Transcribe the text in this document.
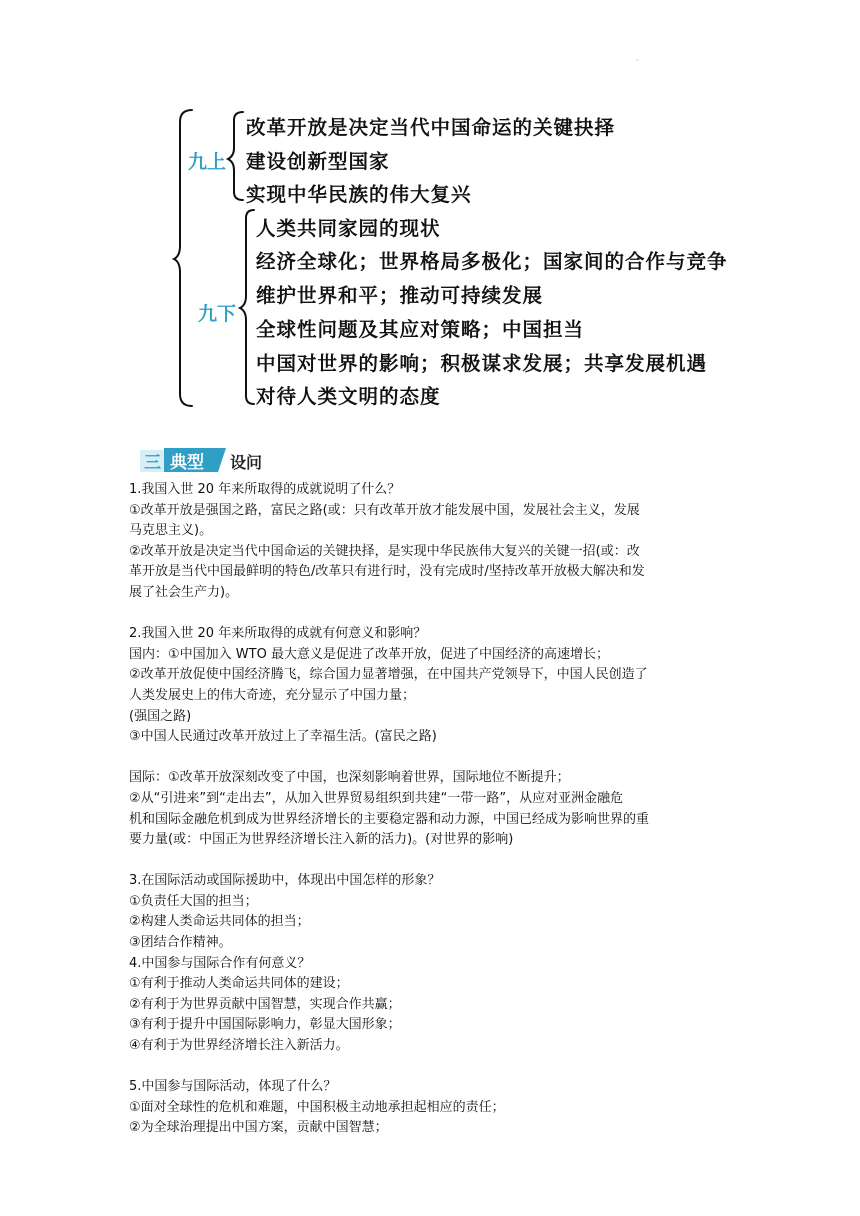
·
九上
改革开放是决定当代中国命运的关键抉择
建设创新型国家
实现中华民族的伟大复兴
九下
人类共同家园的现状
经济全球化；世界格局多极化；国家间的合作与竞争
维护世界和平；推动可持续发展
全球性问题及其应对策略；中国担当
中国对世界的影响；积极谋求发展；共享发展机遇
对待人类文明的态度
三 典型 设问

1.我国入世 20 年来所取得的成就说明了什么？

①改革开放是强国之路，富民之路(或：只有改革开放才能发展中国，发展社会主义，发展

马克思主义)。

②改革开放是决定当代中国命运的关键抉择，是实现中华民族伟大复兴的关键一招(或：改

革开放是当代中国最鲜明的特色/改革只有进行时，没有完成时/坚持改革开放极大解决和发

展了社会生产力)。

2.我国入世 20 年来所取得的成就有何意义和影响？

国内：①中国加入 WTO 最大意义是促进了改革开放，促进了中国经济的高速增长；

②改革开放促使中国经济腾飞，综合国力显著增强，在中国共产党领导下，中国人民创造了

人类发展史上的伟大奇迹，充分显示了中国力量；

(强国之路)

③中国人民通过改革开放过上了幸福生活。(富民之路)

国际：①改革开放深刻改变了中国，也深刻影响着世界，国际地位不断提升；

②从“引进来”到“走出去”，从加入世界贸易组织到共建“一带一路”，从应对亚洲金融危

机和国际金融危机到成为世界经济增长的主要稳定器和动力源，中国已经成为影响世界的重

要力量(或：中国正为世界经济增长注入新的活力)。(对世界的影响)

3.在国际活动或国际援助中，体现出中国怎样的形象？

①负责任大国的担当；

②构建人类命运共同体的担当；

③团结合作精神。

4.中国参与国际合作有何意义？

①有利于推动人类命运共同体的建设；

②有利于为世界贡献中国智慧，实现合作共赢；

③有利于提升中国国际影响力，彰显大国形象；

④有利于为世界经济增长注入新活力。

5.中国参与国际活动，体现了什么？

①面对全球性的危机和难题，中国积极主动地承担起相应的责任；

②为全球治理提出中国方案，贡献中国智慧；
